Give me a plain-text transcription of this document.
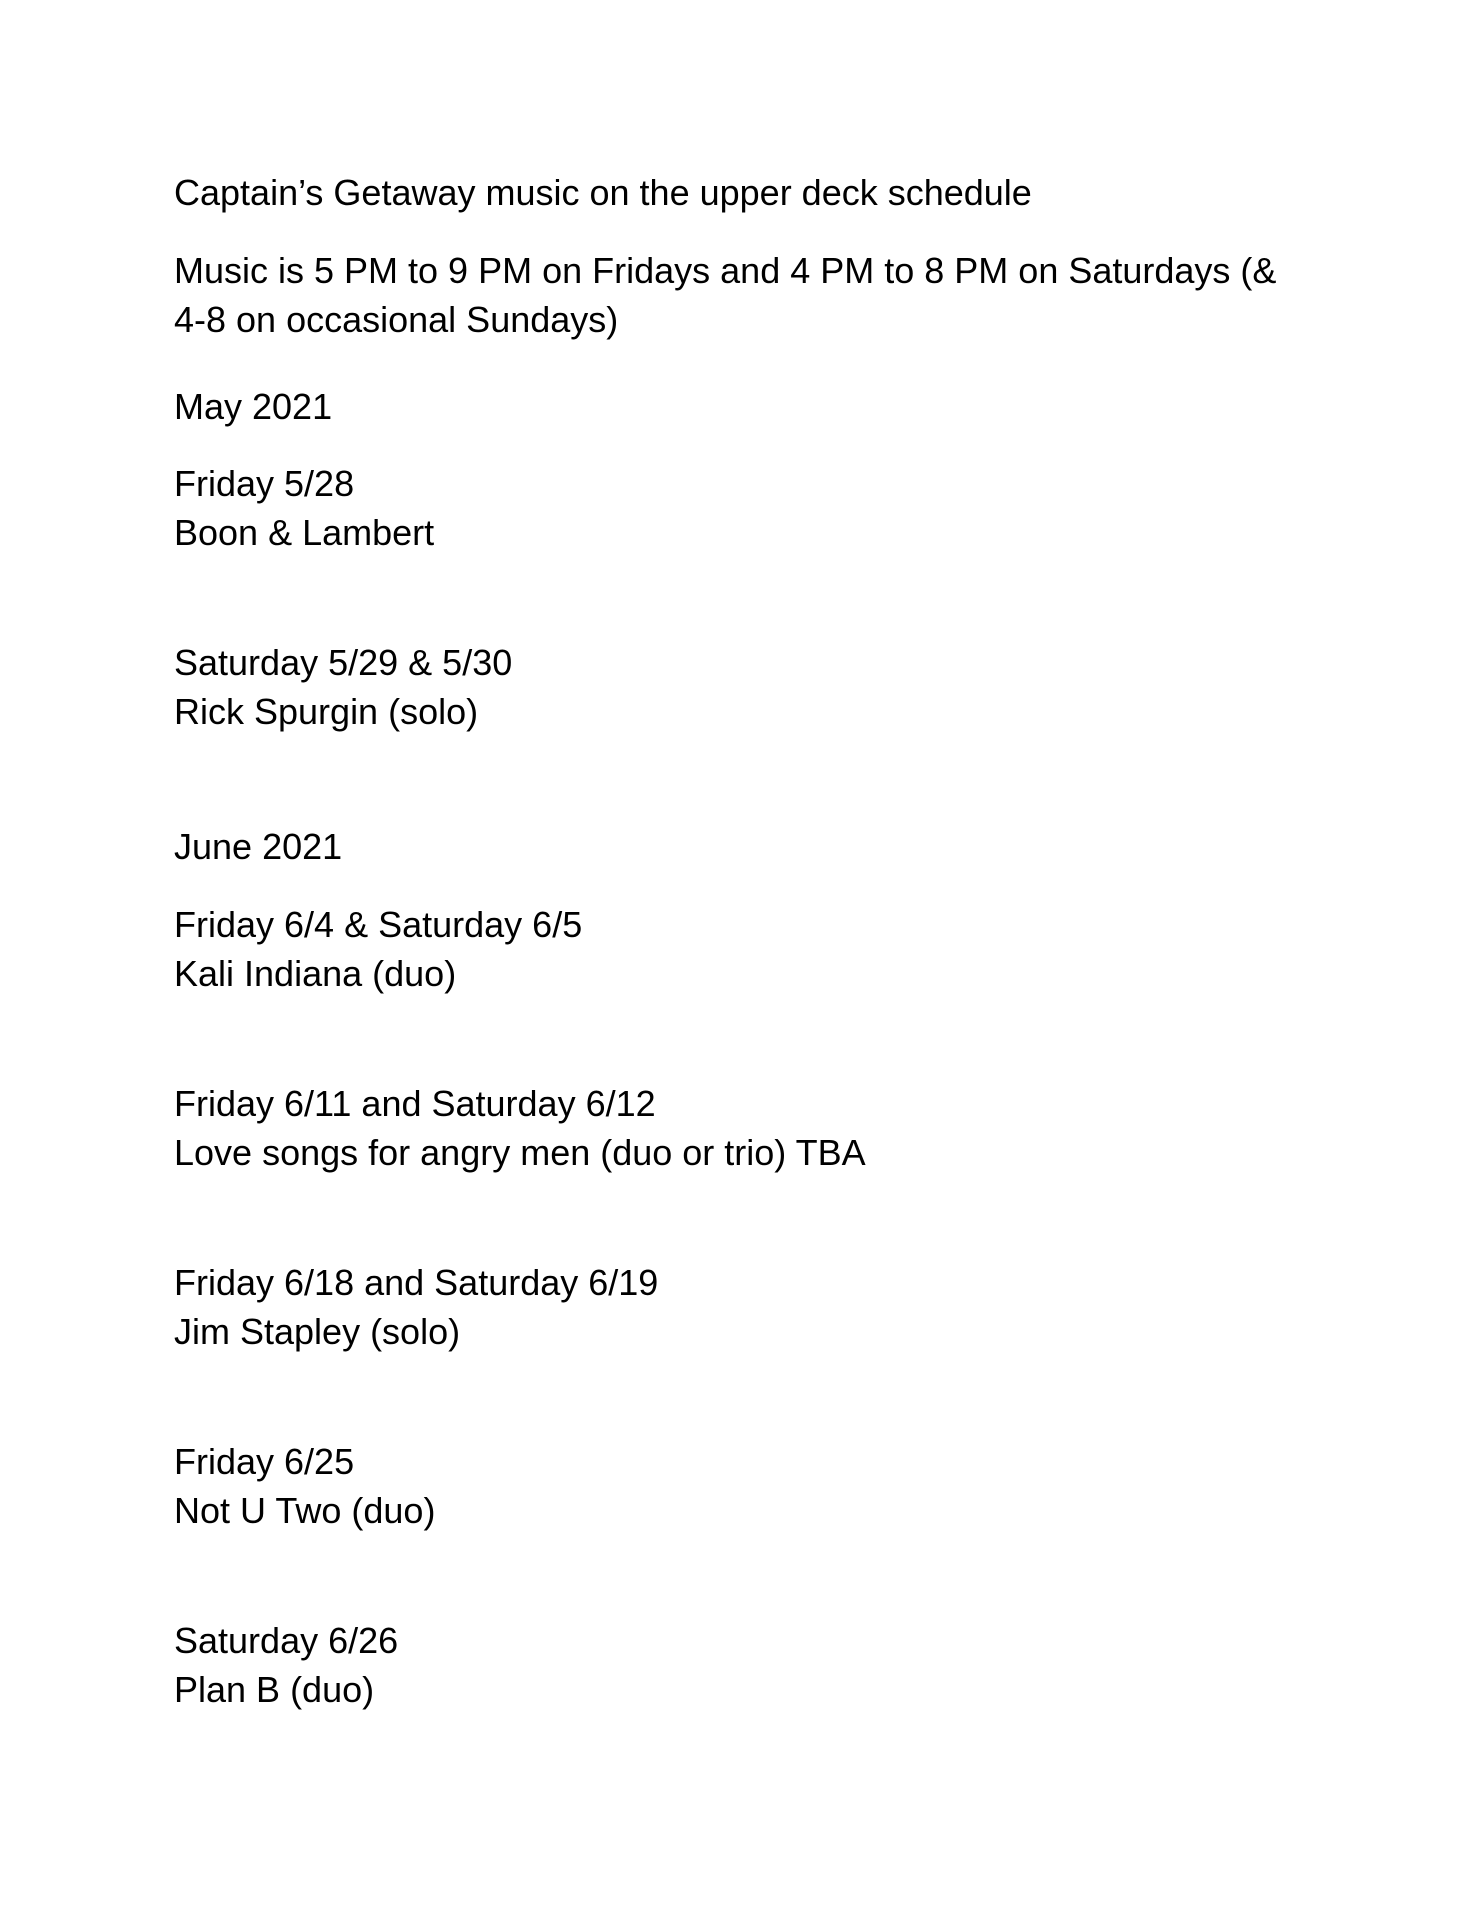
Captain’s Getaway music on the upper deck schedule
Music is 5 PM to 9 PM on Fridays and 4 PM to 8 PM on Saturdays (& 4-8 on occasional Sundays)
May 2021
Friday 5/28
Boon & Lambert
Saturday 5/29 & 5/30
Rick Spurgin (solo)
June 2021
Friday 6/4 & Saturday 6/5
Kali Indiana (duo)
Friday 6/11 and Saturday 6/12
Love songs for angry men (duo or trio) TBA
Friday 6/18 and Saturday 6/19
Jim Stapley (solo)
Friday 6/25
Not U Two (duo)
Saturday 6/26
Plan B (duo)
